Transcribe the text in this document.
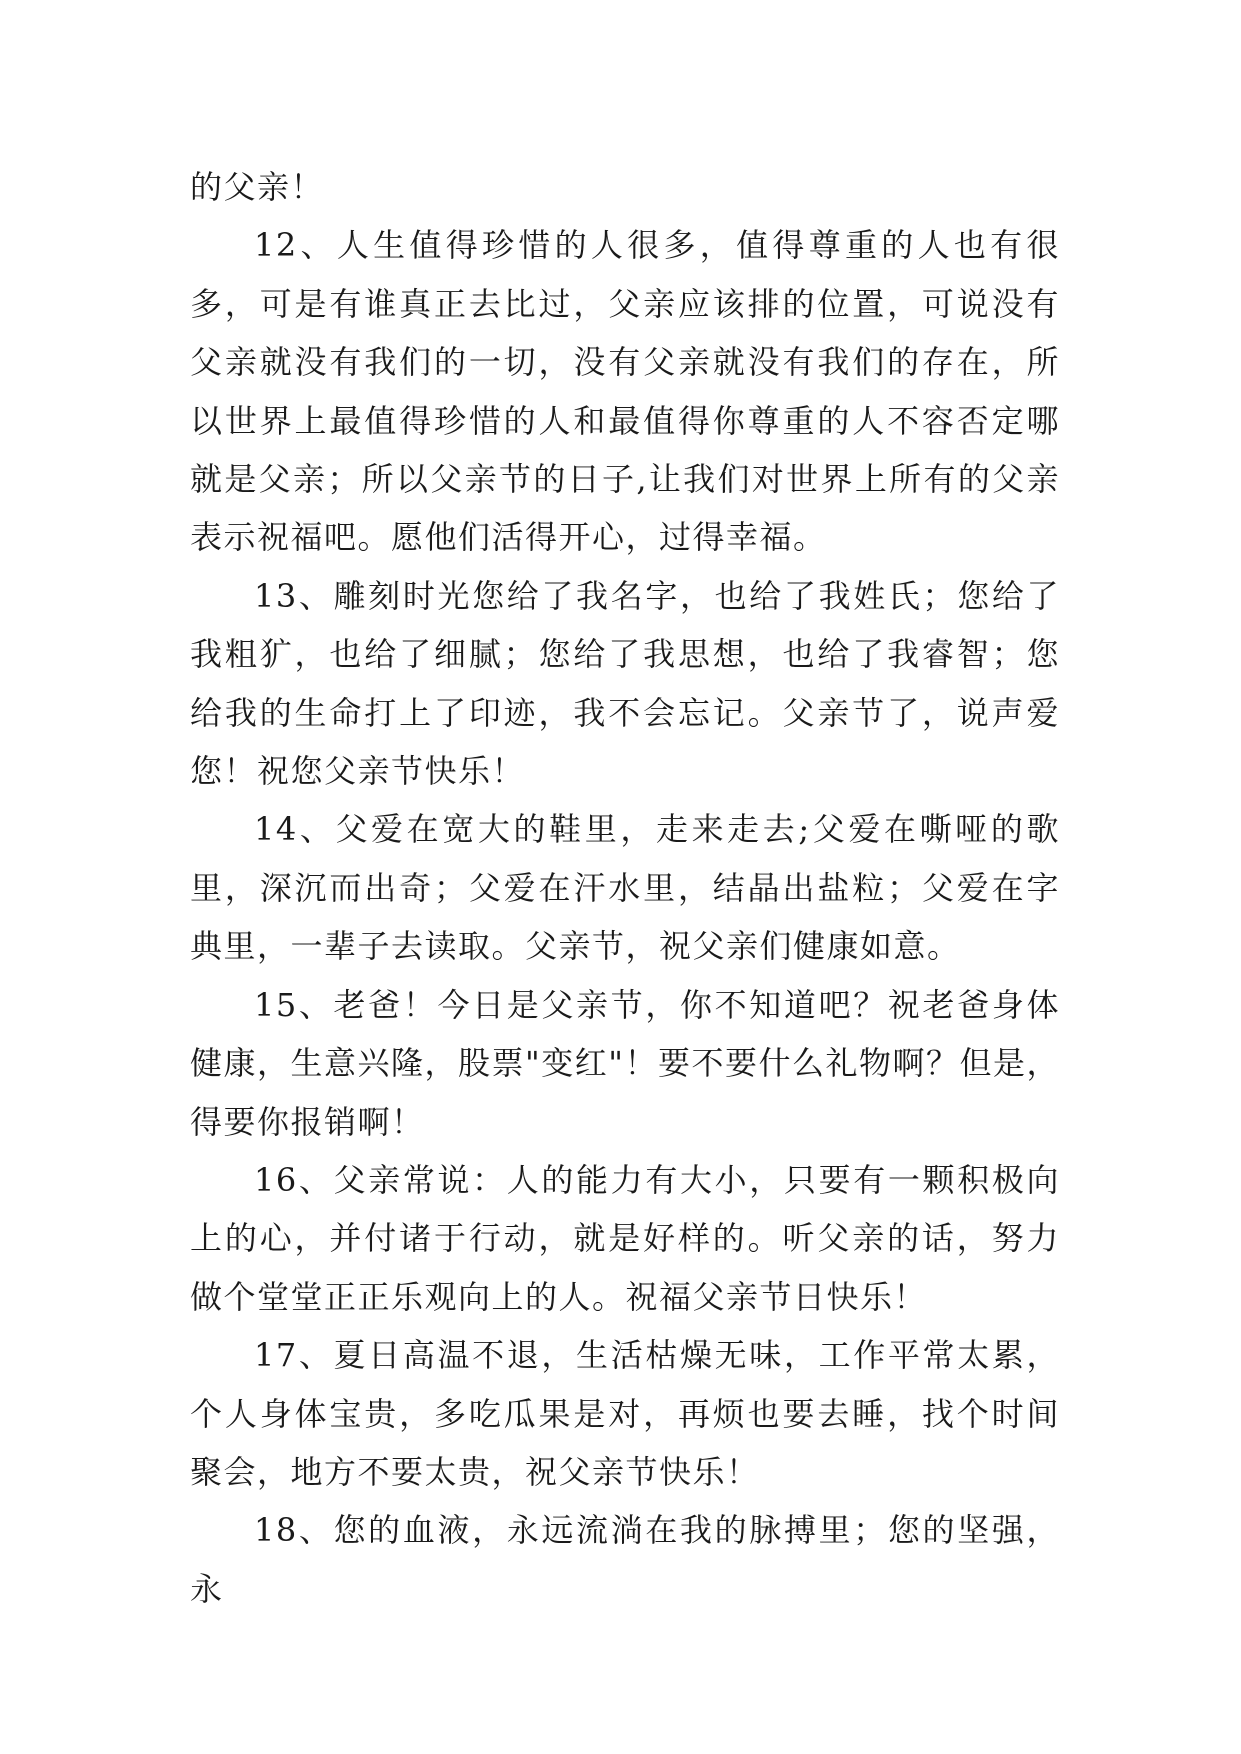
的父亲！

12、人生值得珍惜的人很多，值得尊重的人也有很多，可是有谁真正去比过，父亲应该排的位置，可说没有父亲就没有我们的一切，没有父亲就没有我们的存在，所以世界上最值得珍惜的人和最值得你尊重的人不容否定哪就是父亲；所以父亲节的日子,让我们对世界上所有的父亲表示祝福吧。愿他们活得开心，过得幸福。

13、雕刻时光您给了我名字，也给了我姓氏；您给了我粗犷，也给了细腻；您给了我思想，也给了我睿智；您给我的生命打上了印迹，我不会忘记。父亲节了，说声爱您！祝您父亲节快乐！

14、父爱在宽大的鞋里，走来走去;父爱在嘶哑的歌里，深沉而出奇；父爱在汗水里，结晶出盐粒；父爱在字典里，一辈子去读取。父亲节，祝父亲们健康如意。

15、老爸！今日是父亲节，你不知道吧？祝老爸身体健康，生意兴隆，股票"变红"！要不要什么礼物啊？但是，得要你报销啊！

16、父亲常说：人的能力有大小，只要有一颗积极向上的心，并付诸于行动，就是好样的。听父亲的话，努力做个堂堂正正乐观向上的人。祝福父亲节日快乐！

17、夏日高温不退，生活枯燥无味，工作平常太累，个人身体宝贵，多吃瓜果是对，再烦也要去睡，找个时间聚会，地方不要太贵，祝父亲节快乐！

18、您的血液，永远流淌在我的脉搏里；您的坚强，永
